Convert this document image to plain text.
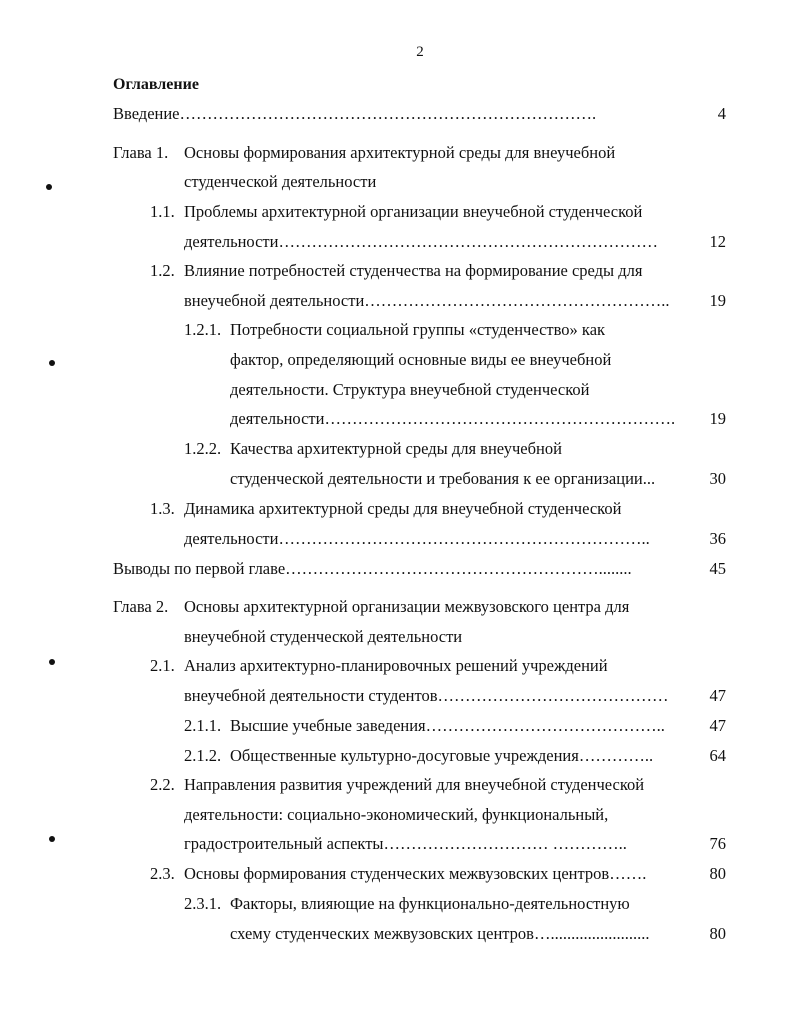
2
Оглавление
Введение………………………………………………………………….	4
Глава 1. Основы формирования архитектурной среды для внеучебной
студенческой деятельности
1.1. Проблемы архитектурной организации внеучебной студенческой
деятельности……………………………………………………………	12
1.2. Влияние потребностей студенчества на формирование среды для
внеучебной деятельности………………………………………………..	19
1.2.1. Потребности социальной группы «студенчество» как
фактор, определяющий основные виды ее внеучебной
деятельности. Структура внеучебной студенческой
деятельности……………………………………………………….	19
1.2.2. Качества архитектурной среды для внеучебной
студенческой деятельности и требования к ее организации...	30
1.3. Динамика архитектурной среды для внеучебной студенческой
деятельности…………………………………………………………..	36
Выводы по первой главе…………………………………………………........	45
Глава 2. Основы архитектурной организации межвузовского центра для
внеучебной студенческой деятельности
2.1. Анализ архитектурно-планировочных решений учреждений
внеучебной деятельности студентов……………………………………	47
2.1.1. Высшие учебные заведения……………………………………..	47
2.1.2. Общественные культурно-досуговые учреждения…………..	64
2.2. Направления развития учреждений для внеучебной студенческой
деятельности: социально-экономический, функциональный,
градостроительный аспекты………………………… …………..	76
2.3. Основы формирования студенческих межвузовских центров…….	80
2.3.1. Факторы, влияющие на функционально-деятельностную
схему студенческих межвузовских центров…........................	80
